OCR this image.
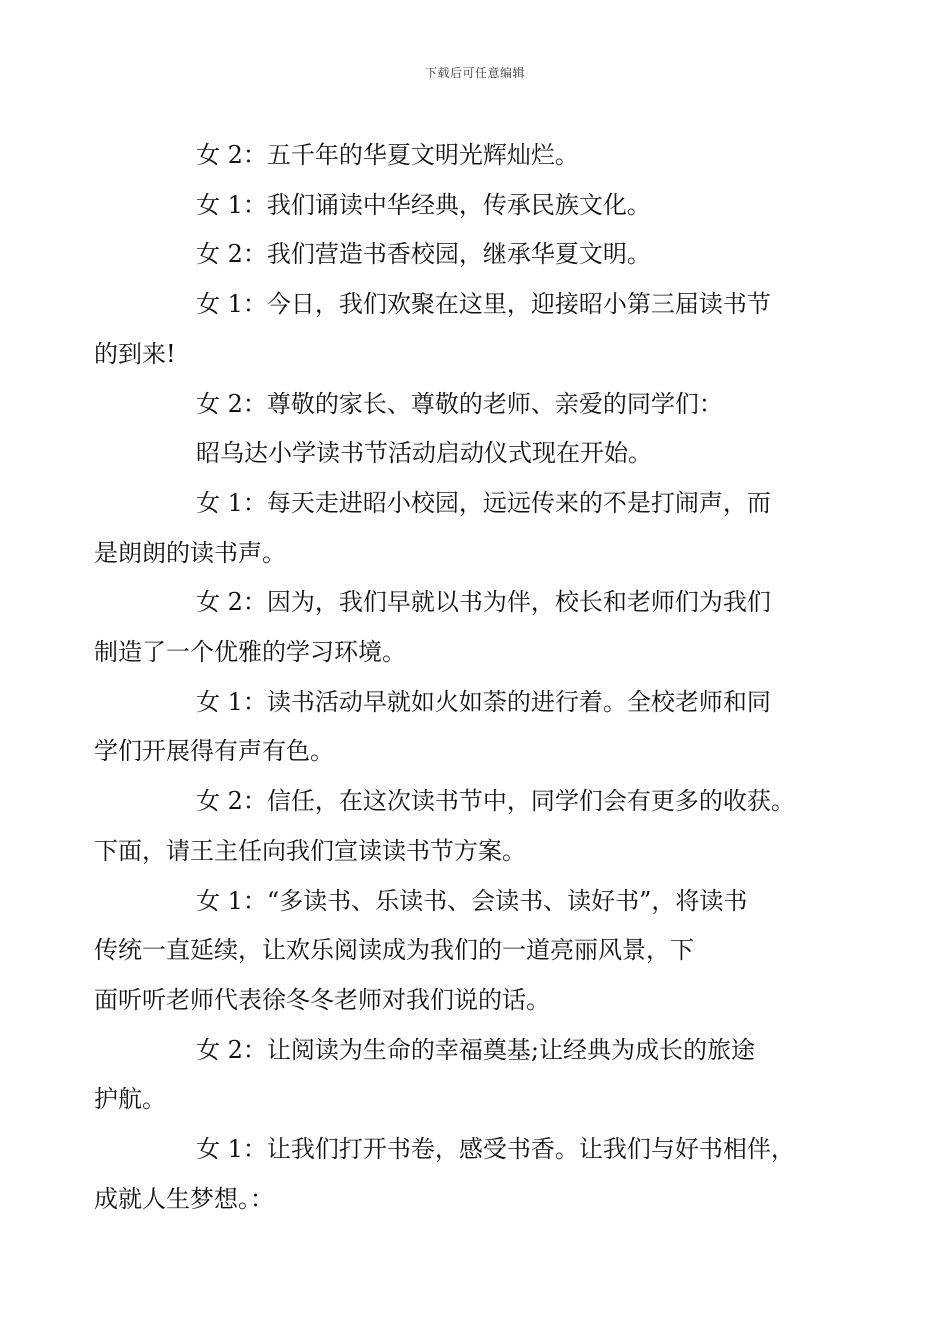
下载后可任意编辑

女 2：五千年的华夏文明光辉灿烂。

女 1：我们诵读中华经典，传承民族文化。

女 2：我们营造书香校园，继承华夏文明。

女 1：今日，我们欢聚在这里，迎接昭小第三届读书节
的到来!

女 2：尊敬的家长、尊敬的老师、亲爱的同学们：

昭乌达小学读书节活动启动仪式现在开始。

女 1：每天走进昭小校园，远远传来的不是打闹声，而
是朗朗的读书声。

女 2：因为，我们早就以书为伴，校长和老师们为我们
制造了一个优雅的学习环境。

女 1：读书活动早就如火如荼的进行着。全校老师和同
学们开展得有声有色。

女 2：信任，在这次读书节中，同学们会有更多的收获。
下面，请王主任向我们宣读读书节方案。

女 1：“多读书、乐读书、会读书、读好书”，将读书
传统一直延续，让欢乐阅读成为我们的一道亮丽风景，下
面听听老师代表徐冬冬老师对我们说的话。

女 2：让阅读为生命的幸福奠基;让经典为成长的旅途
护航。

女 1：让我们打开书卷，感受书香。让我们与好书相伴，
成就人生梦想。：
